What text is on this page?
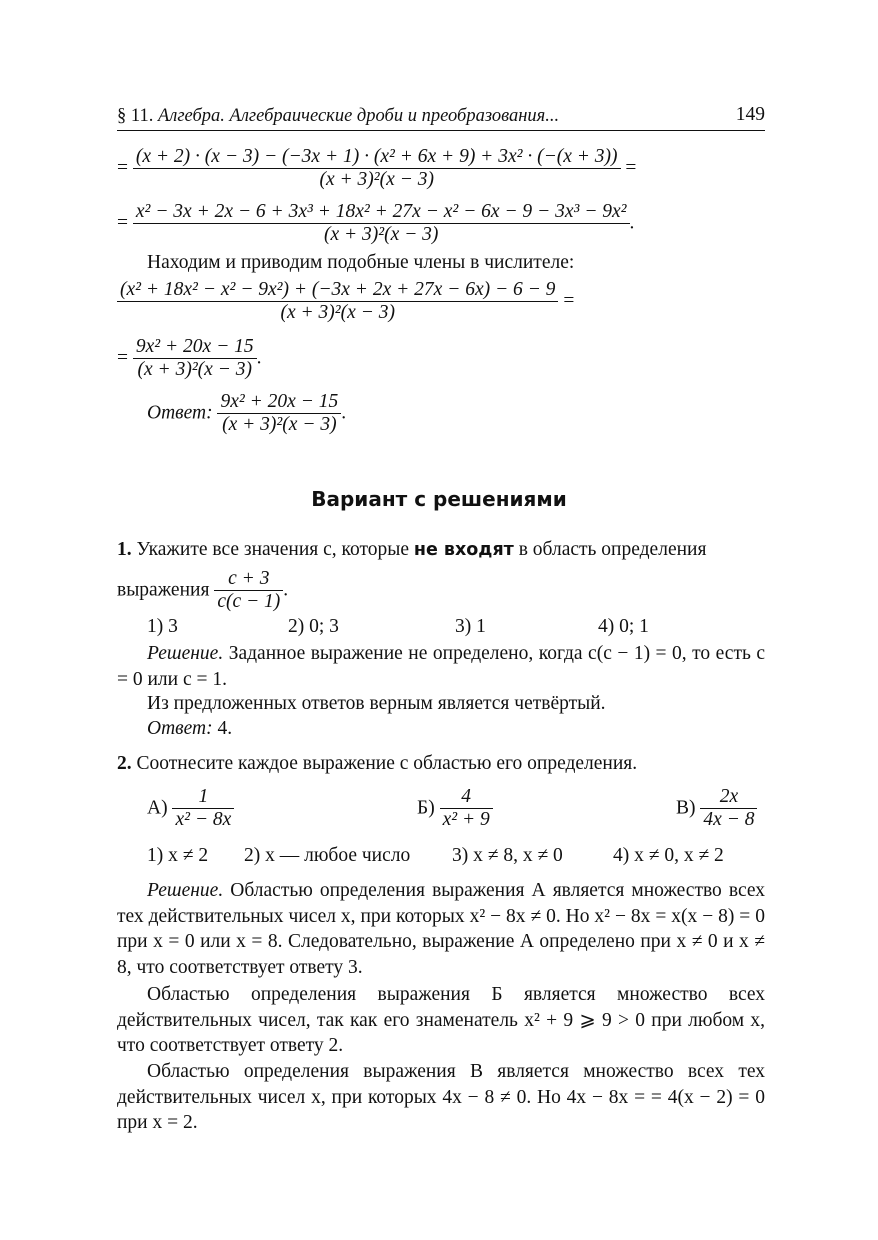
§ 11. Алгебра. Алгебраические дроби и преобразования...	149
=
(x + 2) · (x − 3) − (−3x + 1) · (x² + 6x + 9) + 3x² · (−(x + 3))
(x + 3)²(x − 3)
=
=
x² − 3x + 2x − 6 + 3x³ + 18x² + 27x − x² − 6x − 9 − 3x³ − 9x²
(x + 3)²(x − 3)
.
Находим и приводим подобные члены в числителе:
$\frac{\text{(x² + 18x² − x² − 9x²) + (−3x + 2x + 27x − 6x) − 6 − 9}}{\text{(x + 3)²(x − 3)}}$ =
= $\frac{\text{9x² + 20x − 15}}{\text{(x + 3)²(x − 3)}}$ .
Ответ: $\frac{\text{9x² + 20x − 15}}{\text{(x + 3)²(x − 3)}}$ .
Вариант с решениями
1. Укажите все значения c, которые не входят в область определения
выражения $\frac{c + 3}{c(c - 1)}$ .
1) 3	2) 0; 3	3) 1	4) 0; 1
Решение. Заданное выражение не определено, когда c(c − 1) = 0, то есть c = 0 или c = 1.
Из предложенных ответов верным является четвёртый.
Ответ: 4.
2. Соотнесите каждое выражение с областью его определения.
$А) \frac{1}{\text{x² − 8x}}$	$Б) \frac{4}{\text{x² + 9}}$	$В) \frac{2x}{4x - 8}$
1) x ≠ 2 2) x — любое число 3) x ≠ 8, x ≠ 0	4) x ≠ 0, x ≠ 2
Решение. Областью определения выражения А является множество всех тех действительных чисел x, при которых x² − 8x ≠ 0. Но x² − 8x = x(x − 8) = 0 при x = 0 или x = 8. Следовательно, выражение А определено при x ≠ 0 и x ≠ 8, что соответствует ответу 3.
Областью определения выражения Б является множество всех действительных чисел, так как его знаменатель x² + 9 ⩾ 9 > 0 при любом x, что соответствует ответу 2.
Областью определения выражения В является множество всех тех действительных чисел x, при которых 4x − 8 ≠ 0. Но 4x − 8x = = 4(x − 2) = 0 при x = 2.
